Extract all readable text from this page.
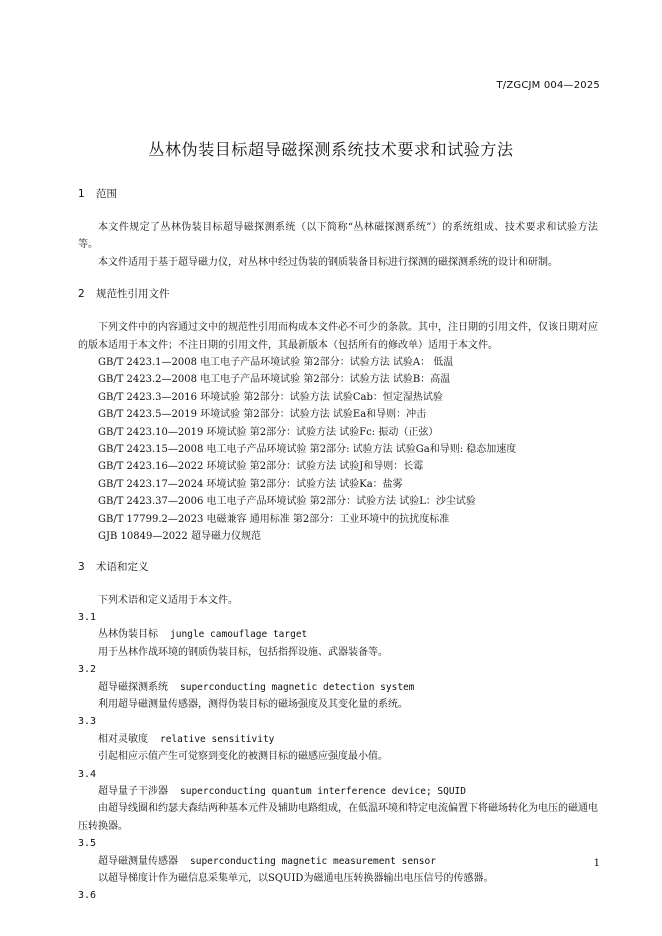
T/ZGCJM 004—2025
丛林伪装目标超导磁探测系统技术要求和试验方法
1 范围

本文件规定了丛林伪装目标超导磁探测系统（以下简称“丛林磁探测系统”）的系统组成、技术要求和试验方法等。

本文件适用于基于超导磁力仪，对丛林中经过伪装的钢质装备目标进行探测的磁探测系统的设计和研制。

2 规范性引用文件

下列文件中的内容通过文中的规范性引用而构成本文件必不可少的条款。其中，注日期的引用文件，仅该日期对应的版本适用于本文件；不注日期的引用文件，其最新版本（包括所有的修改单）适用于本文件。

GB/T 2423.1—2008 电工电子产品环境试验 第2部分：试验方法 试验A： 低温

GB/T 2423.2—2008 电工电子产品环境试验 第2部分：试验方法 试验B：高温

GB/T 2423.3—2016 环境试验 第2部分：试验方法 试验Cab：恒定湿热试验

GB/T 2423.5—2019 环境试验 第2部分：试验方法 试验Ea和导则：冲击

GB/T 2423.10—2019 环境试验 第2部分：试验方法 试验Fc: 振动（正弦）

GB/T 2423.15—2008 电工电子产品环境试验 第2部分: 试验方法 试验Ga和导则: 稳态加速度

GB/T 2423.16—2022 环境试验 第2部分：试验方法 试验J和导则：长霉

GB/T 2423.17—2024 环境试验 第2部分：试验方法 试验Ka：盐雾

GB/T 2423.37—2006 电工电子产品环境试验 第2部分：试验方法 试验L：沙尘试验

GB/T 17799.2—2023 电磁兼容 通用标准 第2部分：工业环境中的抗扰度标准

GJB 10849—2022 超导磁力仪规范

3 术语和定义

下列术语和定义适用于本文件。

3.1

丛林伪装目标 jungle camouflage target

用于丛林作战环境的钢质伪装目标，包括指挥设施、武器装备等。

3.2

超导磁探测系统 superconducting magnetic detection system

利用超导磁测量传感器，测得伪装目标的磁场强度及其变化量的系统。

3.3

相对灵敏度 relative sensitivity

引起相应示值产生可觉察到变化的被测目标的磁感应强度最小值。

3.4

超导量子干涉器 superconducting quantum interference device; SQUID

由超导线圈和约瑟夫森结两种基本元件及辅助电路组成，在低温环境和特定电流偏置下将磁场转化为电压的磁通电压转换器。

3.5

超导磁测量传感器 superconducting magnetic measurement sensor

以超导梯度计作为磁信息采集单元，以SQUID为磁通电压转换器输出电压信号的传感器。

3.6

1
